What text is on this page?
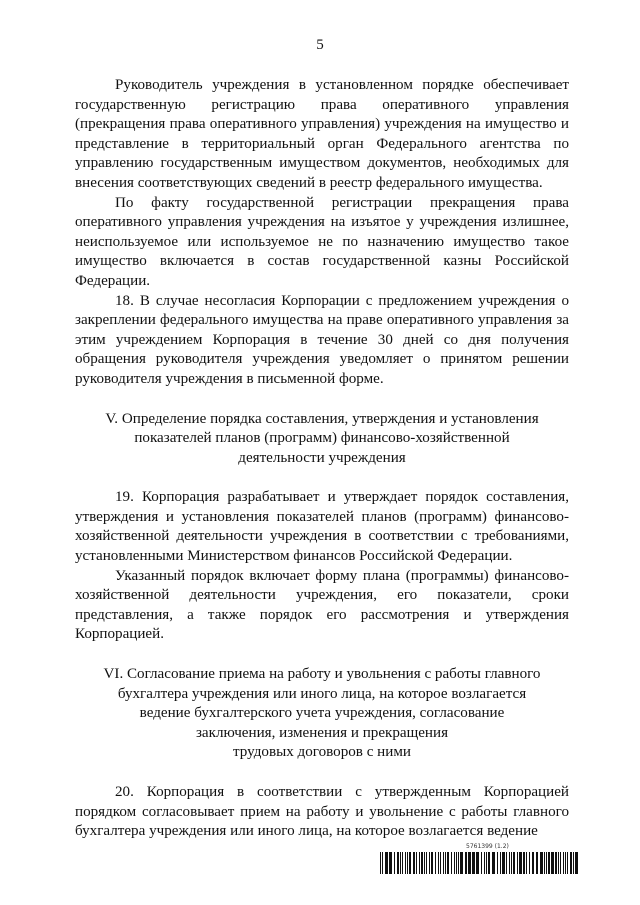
5

Руководитель учреждения в установленном порядке обеспечивает государственную регистрацию права оперативного управления (прекращения права оперативного управления) учреждения на имущество и представление в территориальный орган Федерального агентства по управлению государственным имуществом документов, необходимых для внесения соответствующих сведений в реестр федерального имущества.

По факту государственной регистрации прекращения права оперативного управления учреждения на изъятое у учреждения излишнее, неиспользуемое или используемое не по назначению имущество такое имущество включается в состав государственной казны Российской Федерации.

18. В случае несогласия Корпорации с предложением учреждения о закреплении федерального имущества на праве оперативного управления за этим учреждением Корпорация в течение 30 дней со дня получения обращения руководителя учреждения уведомляет о принятом решении руководителя учреждения в письменной форме.

V. Определение порядка составления, утверждения и установления
показателей планов (программ) финансово-хозяйственной
деятельности учреждения

19. Корпорация разрабатывает и утверждает порядок составления, утверждения и установления показателей планов (программ) финансово-хозяйственной деятельности учреждения в соответствии с требованиями, установленными Министерством финансов Российской Федерации.

Указанный порядок включает форму плана (программы) финансово-хозяйственной деятельности учреждения, его показатели, сроки представления, а также порядок его рассмотрения и утверждения Корпорацией.

VI. Согласование приема на работу и увольнения с работы главного
бухгалтера учреждения или иного лица, на которое возлагается
ведение бухгалтерского учета учреждения, согласование
заключения, изменения и прекращения
трудовых договоров с ними

20. Корпорация в соответствии с утвержденным Корпорацией порядком согласовывает прием на работу и увольнение с работы главного бухгалтера учреждения или иного лица, на которое возлагается ведение

5761399 (1.2)
